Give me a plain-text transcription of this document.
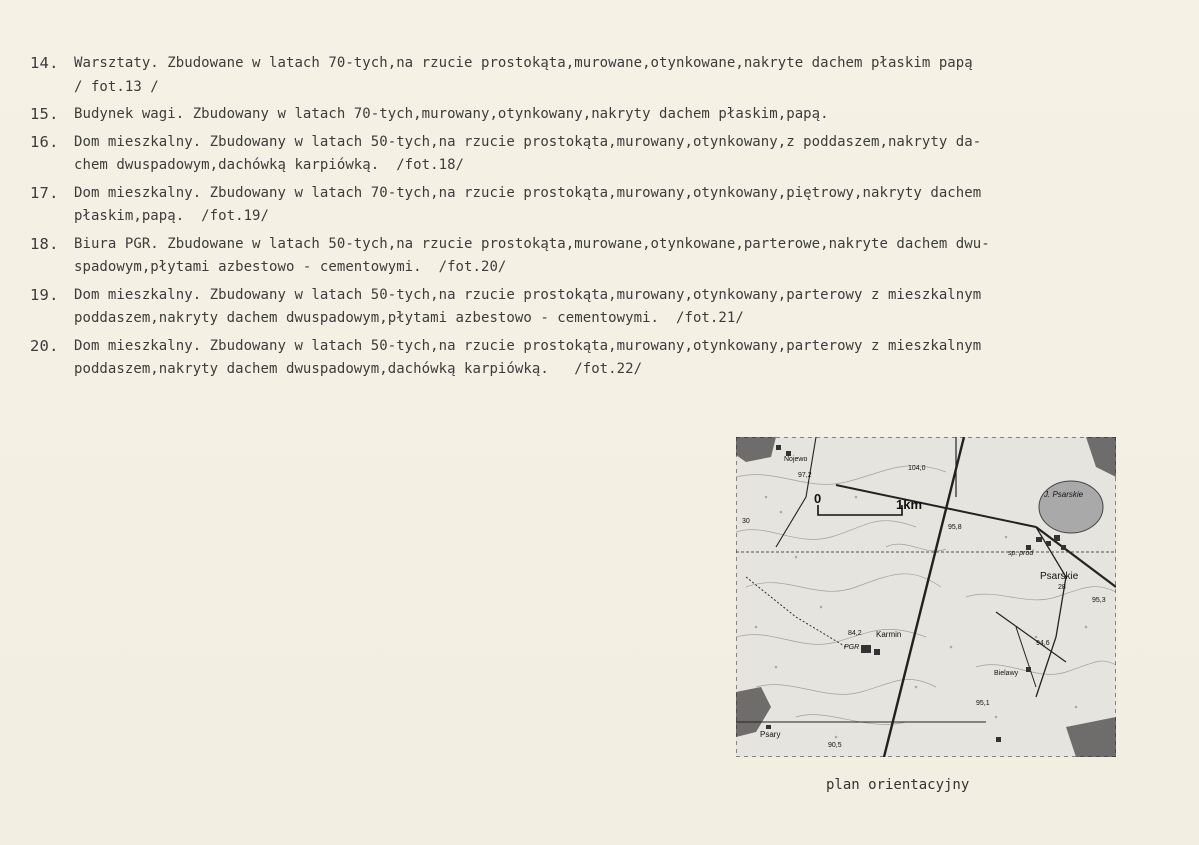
14.	Warsztaty. Zbudowane w latach 70-tych,na rzucie prostokąta,murowane,otynkowane,nakryte dachem płaskim papą
/ fot.13 /
15.	Budynek wagi. Zbudowany w latach 70-tych,murowany,otynkowany,nakryty dachem płaskim,papą.
16.	Dom mieszkalny. Zbudowany w latach 50-tych,na rzucie prostokąta,murowany,otynkowany,z poddaszem,nakryty da-
chem dwuspadowym,dachówką karpiówką.  /fot.18/
17.	Dom mieszkalny. Zbudowany w latach 70-tych,na rzucie prostokąta,murowany,otynkowany,piętrowy,nakryty dachem
płaskim,papą.  /fot.19/
18.	Biura PGR. Zbudowane w latach 50-tych,na rzucie prostokąta,murowane,otynkowane,parterowe,nakryte dachem dwu-
spadowym,płytami azbestowo - cementowymi.  /fot.20/
19.	Dom mieszkalny. Zbudowany w latach 50-tych,na rzucie prostokąta,murowany,otynkowany,parterowy z mieszkalnym
poddaszem,nakryty dachem dwuspadowym,płytami azbestowo - cementowymi.  /fot.21/
20.	Dom mieszkalny. Zbudowany w latach 50-tych,na rzucie prostokąta,murowany,otynkowany,parterowy z mieszkalnym
poddaszem,nakryty dachem dwuspadowym,dachówką karpiówką.   /fot.22/
0	1km
J. Psarskie
Psarskie
Karmin
PGR
Bielawy
Psary
Nojewo
104,0
97,2
95,8
95,3
90,5
94,6
95,1
84,2
sp. prod
28
30
plan orientacyjny
